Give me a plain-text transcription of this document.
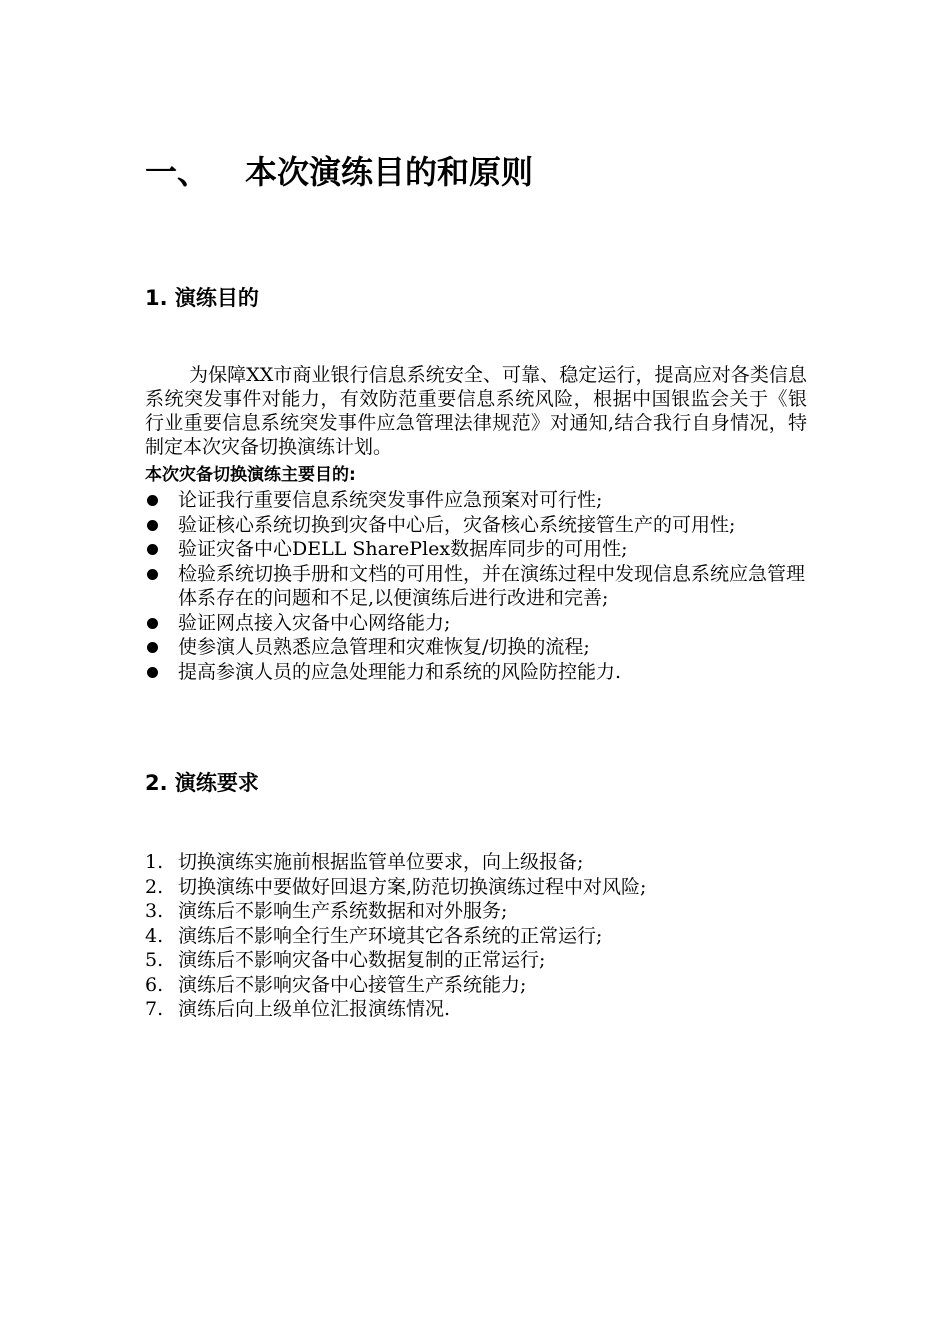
一、 本次演练目的和原则
1. 演练目的
为保障XX市商业银行信息系统安全、可靠、稳定运行，提高应对各类信息系统突发事件对能力，有效防范重要信息系统风险，根据中国银监会关于《银行业重要信息系统突发事件应急管理法律规范》对通知,结合我行自身情况，特制定本次灾备切换演练计划。
本次灾备切换演练主要目的:
论证我行重要信息系统突发事件应急预案对可行性;
验证核心系统切换到灾备中心后，灾备核心系统接管生产的可用性;
验证灾备中心DELL SharePlex数据库同步的可用性;
检验系统切换手册和文档的可用性，并在演练过程中发现信息系统应急管理体系存在的问题和不足,以便演练后进行改进和完善;
验证网点接入灾备中心网络能力;
使参演人员熟悉应急管理和灾难恢复/切换的流程;
提高参演人员的应急处理能力和系统的风险防控能力.
2. 演练要求
1. 切换演练实施前根据监管单位要求，向上级报备;
2. 切换演练中要做好回退方案,防范切换演练过程中对风险;
3. 演练后不影响生产系统数据和对外服务;
4. 演练后不影响全行生产环境其它各系统的正常运行;
5. 演练后不影响灾备中心数据复制的正常运行;
6. 演练后不影响灾备中心接管生产系统能力;
7. 演练后向上级单位汇报演练情况.
